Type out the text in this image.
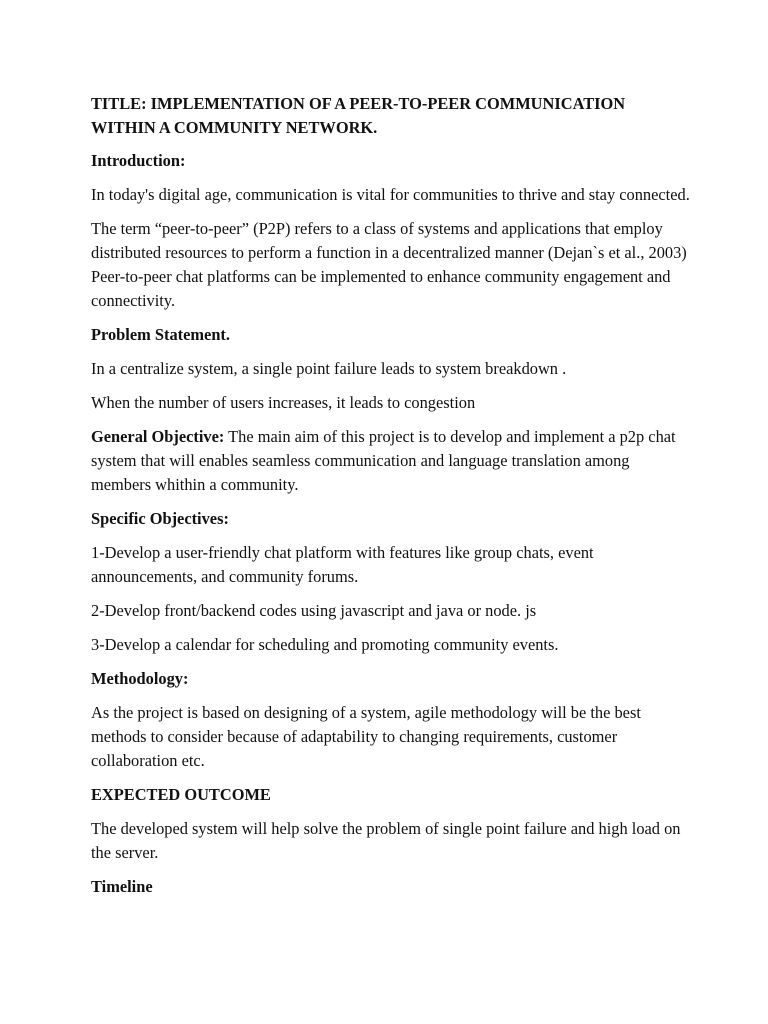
TITLE: IMPLEMENTATION OF A PEER-TO-PEER COMMUNICATION WITHIN A COMMUNITY NETWORK.

Introduction:

In today's digital age, communication is vital for communities to thrive and stay connected.

The term “peer-to-peer” (P2P) refers to a class of systems and applications that employ distributed resources to perform a function in a decentralized manner (Dejan`s et al., 2003) Peer-to-peer chat platforms can be implemented to enhance community engagement and connectivity.

Problem Statement.

In a centralize system, a single point failure leads to system breakdown .

When the number of users increases, it leads to congestion

General Objective: The main aim of this project is to develop and implement a p2p chat system that will enables seamless communication and language translation among members whithin a community.

Specific Objectives:

1-Develop a user-friendly chat platform with features like group chats, event announcements, and community forums.

2-Develop front/backend codes using javascript and java or node. js

3-Develop a calendar for scheduling and promoting community events.

Methodology:

As the project is based on designing of a system, agile methodology will be the best methods to consider because of adaptability to changing requirements, customer collaboration etc.

EXPECTED OUTCOME

The developed system will help solve the problem of single point failure and high load on the server.

Timeline
